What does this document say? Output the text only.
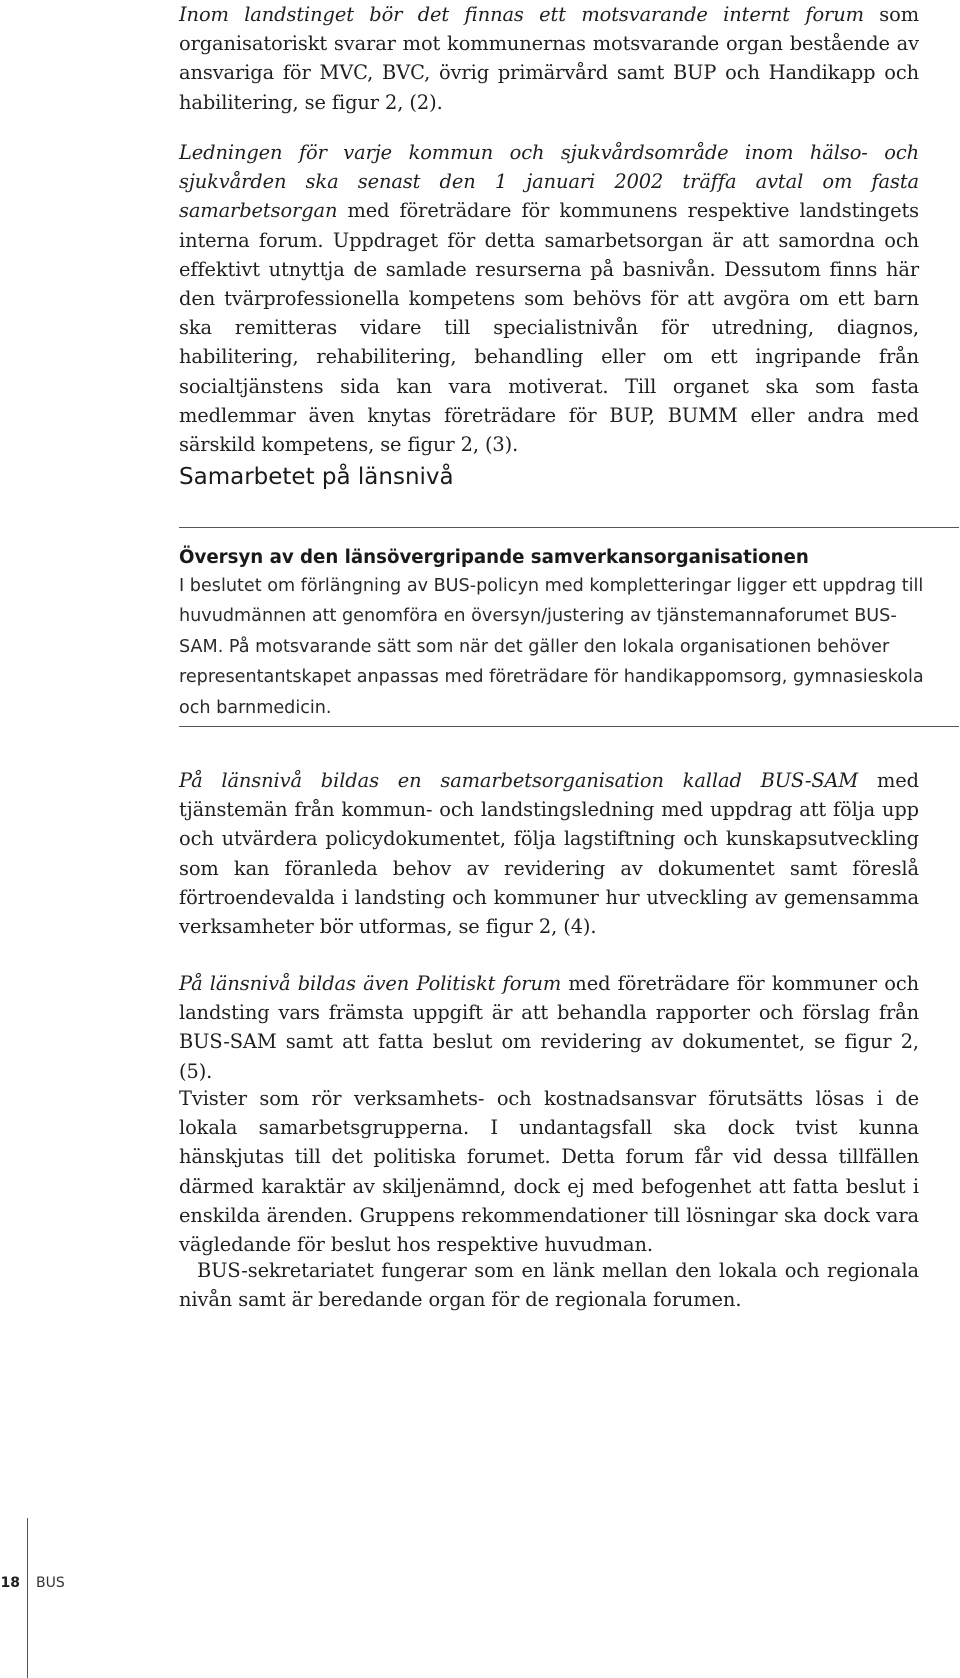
Inom landstinget bör det finnas ett motsvarande internt forum som organisatoriskt svarar mot kommunernas motsvarande organ bestående av ansvariga för MVC, BVC, övrig primärvård samt BUP och Handikapp och habilitering, se figur 2, (2).

Ledningen för varje kommun och sjukvårdsområde inom hälso- och sjukvården ska senast den 1 januari 2002 träffa avtal om fasta samarbetsorgan med företrädare för kommunens respektive landstingets interna forum. Uppdraget för detta samarbetsorgan är att samordna och effektivt utnyttja de samlade resurserna på basnivån. Dessutom finns här den tvärprofessionella kompetens som behövs för att avgöra om ett barn ska remitteras vidare till specialistnivån för utredning, diagnos, habilitering, rehabilitering, behandling eller om ett ingripande från socialtjänstens sida kan vara motiverat. Till organet ska som fasta medlemmar även knytas företrädare för BUP, BUMM eller andra med särskild kompetens, se figur 2, (3).

Samarbetet på länsnivå
Översyn av den länsövergripande samverkansorganisationen

I beslutet om förlängning av BUS-policyn med kompletteringar ligger ett uppdrag till huvudmännen att genomföra en översyn/justering av tjänstemannaforumet BUS-SAM. På motsvarande sätt som när det gäller den lokala organisationen behöver representantskapet anpassas med företrädare för handikappomsorg, gymnasieskola och barnmedicin.

På länsnivå bildas en samarbetsorganisation kallad BUS-SAM med tjänstemän från kommun- och landstingsledning med uppdrag att följa upp och utvärdera policydokumentet, följa lagstiftning och kunskapsutveckling som kan föranleda behov av revidering av dokumentet samt föreslå förtroendevalda i landsting och kommuner hur utveckling av gemensamma verksamheter bör utformas, se figur 2, (4).

På länsnivå bildas även Politiskt forum med företrädare för kommuner och landsting vars främsta uppgift är att behandla rapporter och förslag från BUS-SAM samt att fatta beslut om revidering av dokumentet, se figur 2, (5).

Tvister som rör verksamhets- och kostnadsansvar förutsätts lösas i de lokala samarbetsgrupperna. I undantagsfall ska dock tvist kunna hänskjutas till det politiska forumet. Detta forum får vid dessa tillfällen därmed karaktär av skiljenämnd, dock ej med befogenhet att fatta beslut i enskilda ärenden. Gruppens rekommendationer till lösningar ska dock vara vägledande för beslut hos respektive huvudman.

BUS-sekretariatet fungerar som en länk mellan den lokala och regionala nivån samt är beredande organ för de regionala forumen.

18 BUS
